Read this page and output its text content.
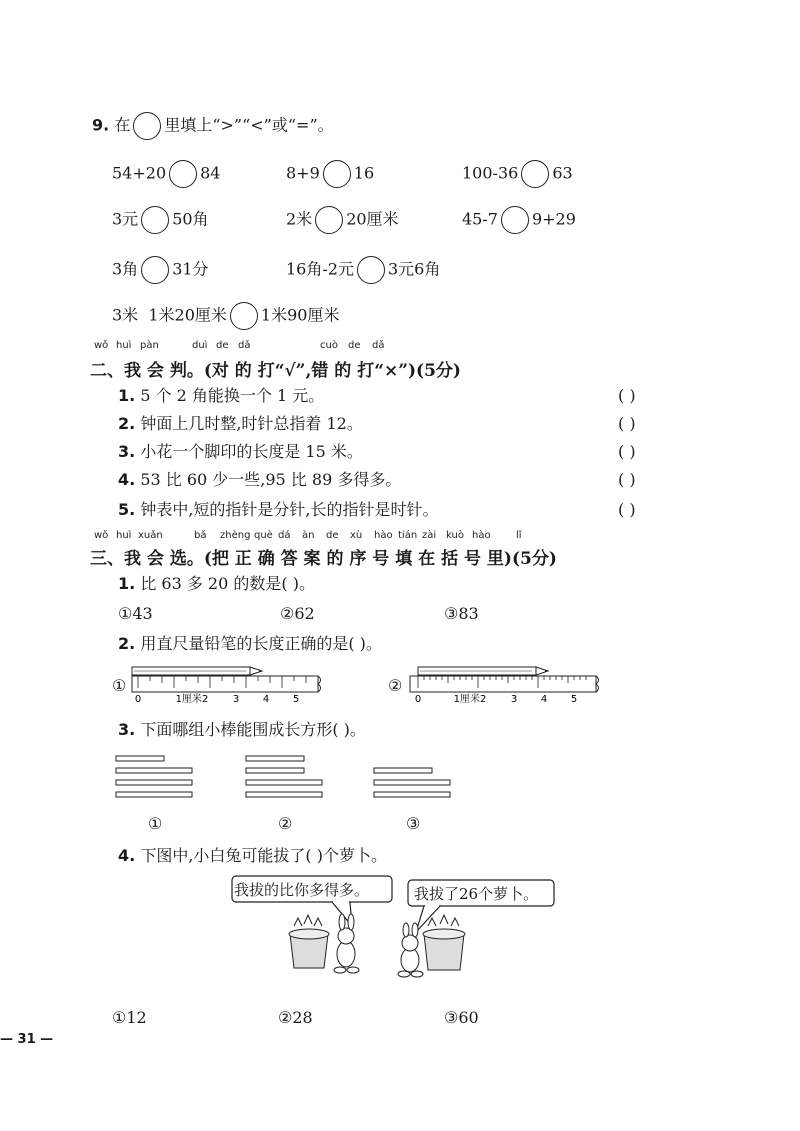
9. 在 里填上“>”“<”或“=”。
54+20 84	8+9 16	100-36 63
3元 50角	2米 20厘米	45-7 9+29
3角 31分	16角-2元 3元6角
3米 1米20厘米 1米90厘米
wǒ huì pàn	duì de dǎ	cuò de dǎ
二、我 会 判。(对 的 打“√”,错 的 打“×”)(5分)
1. 5 个 2 角能换一个 1 元。	( )
2. 钟面上几时整,时针总指着 12。	( )
3. 小花一个脚印的长度是 15 米。	( )
4. 53 比 60 少一些,95 比 89 多得多。	( )
5. 钟表中,短的指针是分针,长的指针是时针。	( )
wǒ huì xuǎn	bǎ zhèng què dá àn de xù hào tián zài kuò hào	lǐ
三、我 会 选。(把 正 确 答 案 的 序 号 填 在 括 号 里)(5分)
1. 比 63 多 20 的数是( )。
①43	②62	③83
2. 用直尺量铅笔的长度正确的是( )。
①	②
0	1厘米2 3 4 5	0	1厘米2 3 4 5
3. 下面哪组小棒能围成长方形( )。
①	②	③
4. 下图中,小白兔可能拔了( )个萝卜。
我拔的比你多得多。	我拔了26个萝卜。
①12	②28	③60
— 31 —
